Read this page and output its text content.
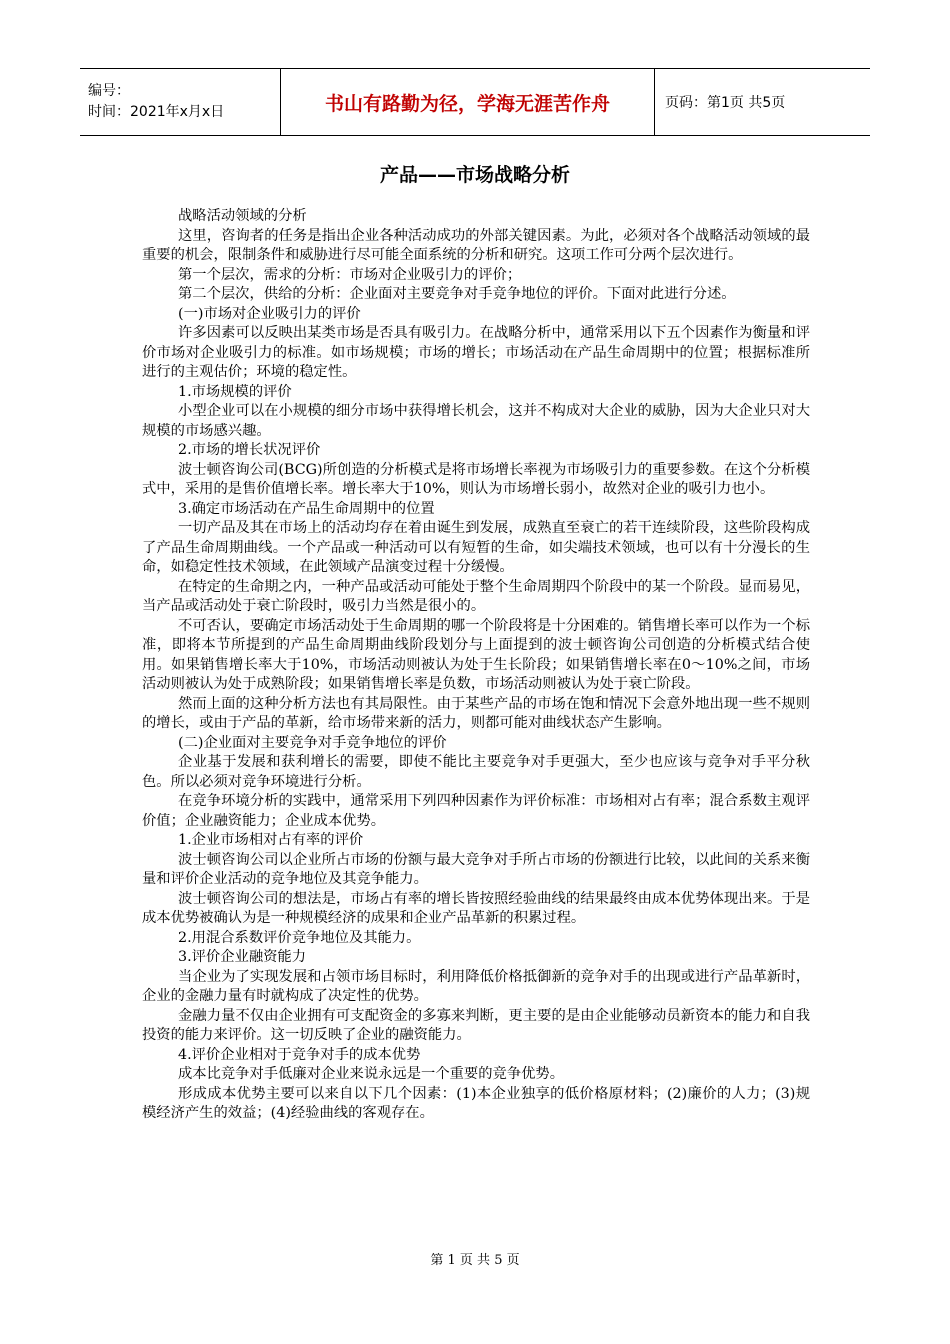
编号：
时间：2021年x月x日	书山有路勤为径，学海无涯苦作舟	页码：第1页 共5页
产品——市场战略分析

战略活动领域的分析

这里，咨询者的任务是指出企业各种活动成功的外部关键因素。为此，必须对各个战略活动领域的最重要的机会，限制条件和威胁进行尽可能全面系统的分析和研究。这项工作可分两个层次进行。

第一个层次，需求的分析：市场对企业吸引力的评价；

第二个层次，供给的分析：企业面对主要竞争对手竞争地位的评价。下面对此进行分述。

(一)市场对企业吸引力的评价

许多因素可以反映出某类市场是否具有吸引力。在战略分析中，通常采用以下五个因素作为衡量和评价市场对企业吸引力的标准。如市场规模；市场的增长；市场活动在产品生命周期中的位置；根据标准所进行的主观估价；环境的稳定性。

1.市场规模的评价

小型企业可以在小规模的细分市场中获得增长机会，这并不构成对大企业的威胁，因为大企业只对大规模的市场感兴趣。

2.市场的增长状况评价

波士顿咨询公司(BCG)所创造的分析模式是将市场增长率视为市场吸引力的重要参数。在这个分析模式中，采用的是售价值增长率。增长率大于10%，则认为市场增长弱小，故然对企业的吸引力也小。

3.确定市场活动在产品生命周期中的位置

一切产品及其在市场上的活动均存在着由诞生到发展，成熟直至衰亡的若干连续阶段，这些阶段构成了产品生命周期曲线。一个产品或一种活动可以有短暂的生命，如尖端技术领域，也可以有十分漫长的生命，如稳定性技术领域，在此领域产品演变过程十分缓慢。

在特定的生命期之内，一种产品或活动可能处于整个生命周期四个阶段中的某一个阶段。显而易见，当产品或活动处于衰亡阶段时，吸引力当然是很小的。

不可否认，要确定市场活动处于生命周期的哪一个阶段将是十分困难的。销售增长率可以作为一个标准，即将本节所提到的产品生命周期曲线阶段划分与上面提到的波士顿咨询公司创造的分析模式结合使用。如果销售增长率大于10%，市场活动则被认为处于生长阶段；如果销售增长率在0～10%之间，市场活动则被认为处于成熟阶段；如果销售增长率是负数，市场活动则被认为处于衰亡阶段。

然而上面的这种分析方法也有其局限性。由于某些产品的市场在饱和情况下会意外地出现一些不规则的增长，或由于产品的革新，给市场带来新的活力，则都可能对曲线状态产生影响。

(二)企业面对主要竞争对手竞争地位的评价

企业基于发展和获利增长的需要，即使不能比主要竞争对手更强大，至少也应该与竞争对手平分秋色。所以必须对竞争环境进行分析。

在竞争环境分析的实践中，通常采用下列四种因素作为评价标准：市场相对占有率；混合系数主观评价值；企业融资能力；企业成本优势。

1.企业市场相对占有率的评价

波士顿咨询公司以企业所占市场的份额与最大竞争对手所占市场的份额进行比较，以此间的关系来衡量和评价企业活动的竞争地位及其竞争能力。

波士顿咨询公司的想法是，市场占有率的增长皆按照经验曲线的结果最终由成本优势体现出来。于是成本优势被确认为是一种规模经济的成果和企业产品革新的积累过程。

2.用混合系数评价竞争地位及其能力。

3.评价企业融资能力

当企业为了实现发展和占领市场目标时，利用降低价格抵御新的竞争对手的出现或进行产品革新时，企业的金融力量有时就构成了决定性的优势。

金融力量不仅由企业拥有可支配资金的多寡来判断，更主要的是由企业能够动员新资本的能力和自我投资的能力来评价。这一切反映了企业的融资能力。

4.评价企业相对于竞争对手的成本优势

成本比竞争对手低廉对企业来说永远是一个重要的竞争优势。

形成成本优势主要可以来自以下几个因素：(1)本企业独享的低价格原材料；(2)廉价的人力；(3)规模经济产生的效益；(4)经验曲线的客观存在。

第 1 页 共 5 页
